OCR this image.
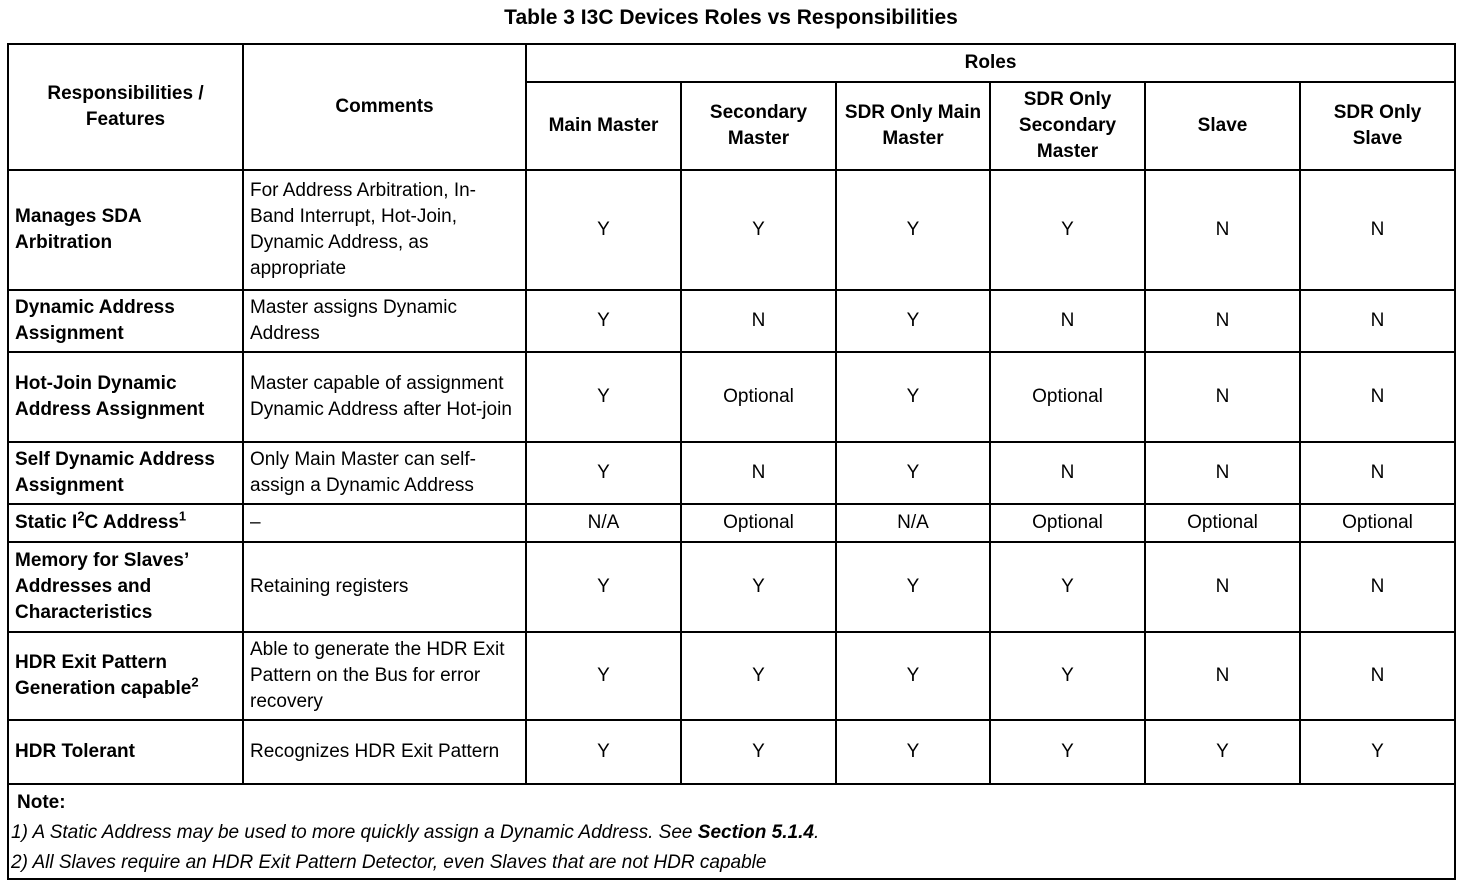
Table 3 I3C Devices Roles vs Responsibilities
Responsibilities / Features	Comments	Roles					
		Main Master	Secondary Master	SDR Only Main Master	SDR Only Secondary Master	Slave	SDR Only Slave
Manages SDA Arbitration	For Address Arbitration, In-Band Interrupt, Hot-Join, Dynamic Address, as appropriate	Y	Y	Y	Y	N	N
Dynamic Address Assignment	Master assigns Dynamic Address	Y	N	Y	N	N	N
Hot-Join Dynamic Address Assignment	Master capable of assignment Dynamic Address after Hot-join	Y	Optional	Y	Optional	N	N
Self Dynamic Address Assignment	Only Main Master can self-assign a Dynamic Address	Y	N	Y	N	N	N
Static $I^2C$ Address$^1$	–	N/A	Optional	N/A	Optional	Optional	Optional
Memory for Slaves’ Addresses and Characteristics	Retaining registers	Y	Y	Y	Y	N	N
HDR Exit Pattern Generation capable$^2$	Able to generate the HDR Exit Pattern on the Bus for error recovery	Y	Y	Y	Y	N	N
HDR Tolerant	Recognizes HDR Exit Pattern	Y	Y	Y	Y	Y	Y

Note:
1) A Static Address may be used to more quickly assign a Dynamic Address. See Section 5.1.4.
2) All Slaves require an HDR Exit Pattern Detector, even Slaves that are not HDR capable							
